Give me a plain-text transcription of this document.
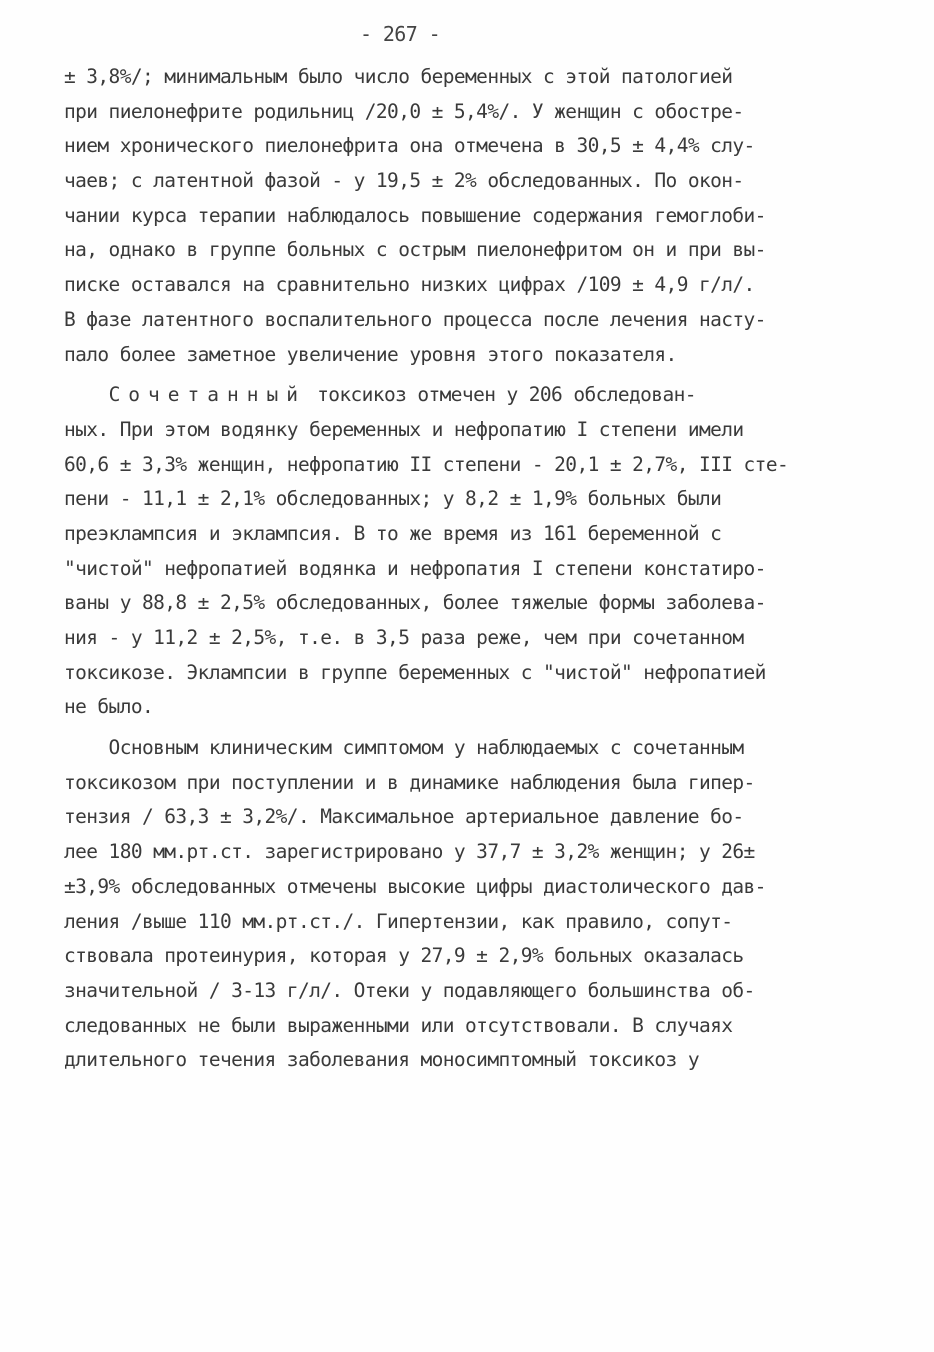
- 267 -
± 3,8%/; минимальным было число беременных с этой патологией
при пиелонефрите родильниц /20,0 ± 5,4%/. У женщин с обостре-
нием хронического пиелонефрита она отмечена в 30,5 ± 4,4% слу-
чаев; с латентной фазой - у 19,5 ± 2% обследованных. По окон-
чании курса терапии наблюдалось повышение содержания гемоглоби-
на, однако в группе больных с острым пиелонефритом он и при вы-
писке оставался на сравнительно низких цифрах /109 ± 4,9 г/л/.
В фазе латентного воспалительного процесса после лечения насту-
пало более заметное увеличение уровня этого показателя.
Сочетанный токсикоз отмечен у 206 обследован-
ных. При этом водянку беременных и нефропатию I степени имели
60,6 ± 3,3% женщин, нефропатию II степени - 20,1 ± 2,7%, III сте-
пени - 11,1 ± 2,1% обследованных; у 8,2 ± 1,9% больных были
преэклампсия и эклампсия. В то же время из 161 беременной с
"чистой" нефропатией водянка и нефропатия I степени констатиро-
ваны у 88,8 ± 2,5% обследованных, более тяжелые формы заболева-
ния - у 11,2 ± 2,5%, т.е. в 3,5 раза реже, чем при сочетанном
токсикозе. Эклампсии в группе беременных с "чистой" нефропатией
не было.
Основным клиническим симптомом у наблюдаемых с сочетанным
токсикозом при поступлении и в динамике наблюдения была гипер-
тензия / 63,3 ± 3,2%/. Максимальное артериальное давление бо-
лее 180 мм.рт.ст. зарегистрировано у 37,7 ± 3,2% женщин; у 26±
±3,9% обследованных отмечены высокие цифры диастолического дав-
ления /выше 110 мм.рт.ст./. Гипертензии, как правило, сопут-
ствовала протеинурия, которая у 27,9 ± 2,9% больных оказалась
значительной / 3-13 г/л/. Отеки у подавляющего большинства об-
следованных не были выраженными или отсутствовали. В случаях
длительного течения заболевания моносимптомный токсикоз у
